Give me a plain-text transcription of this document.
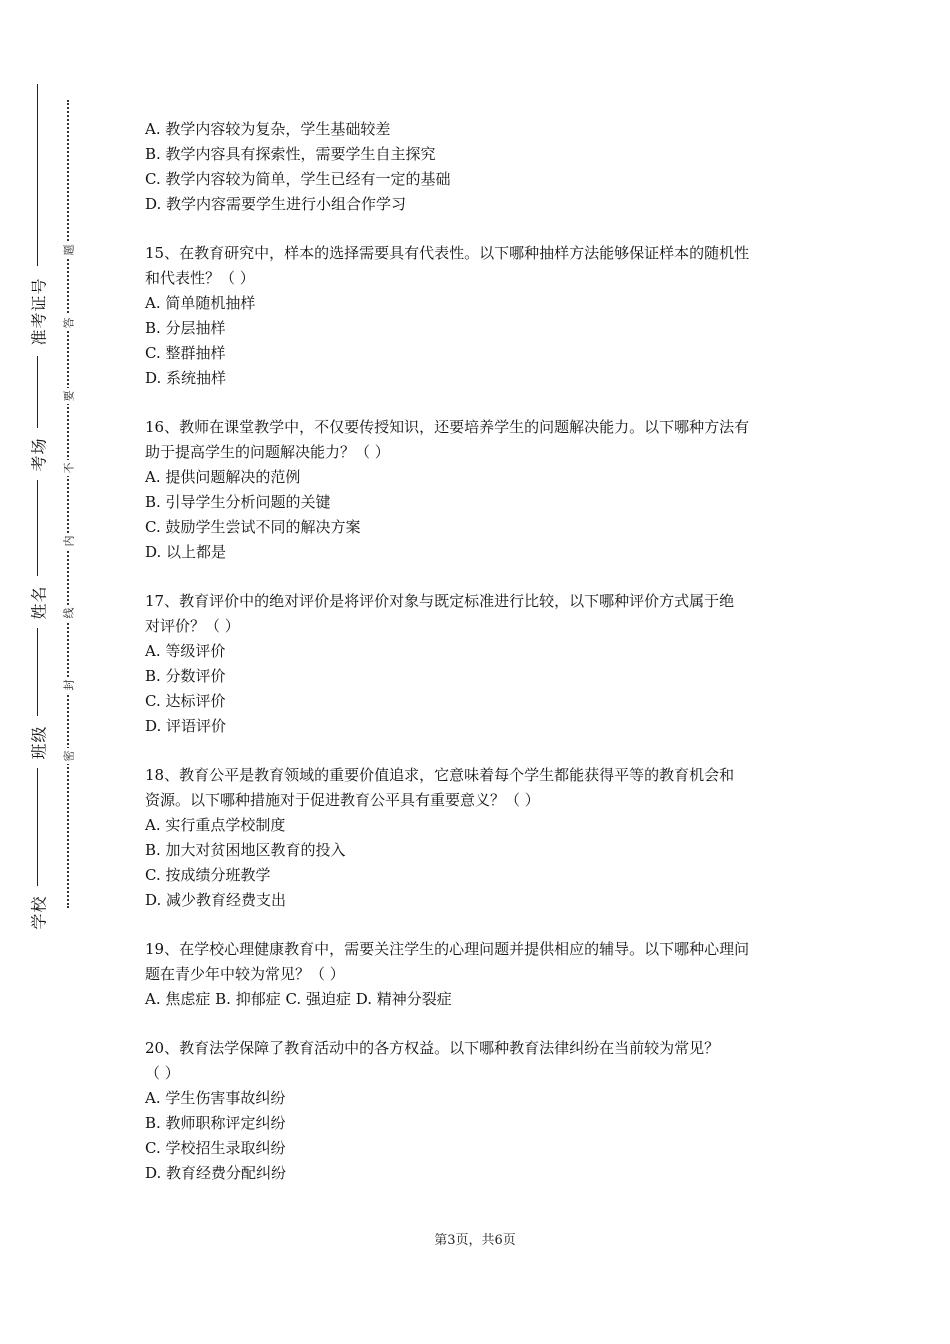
准考证号
考场
姓名
班级
学校
题
答
要
不
内
线
封
密
A. 教学内容较为复杂，学生基础较差
B. 教学内容具有探索性，需要学生自主探究
C. 教学内容较为简单，学生已经有一定的基础
D. 教学内容需要学生进行小组合作学习
15、在教育研究中，样本的选择需要具有代表性。以下哪种抽样方法能够保证样本的随机性
和代表性？（ ）
A. 简单随机抽样
B. 分层抽样
C. 整群抽样
D. 系统抽样
16、教师在课堂教学中，不仅要传授知识，还要培养学生的问题解决能力。以下哪种方法有
助于提高学生的问题解决能力？（ ）
A. 提供问题解决的范例
B. 引导学生分析问题的关键
C. 鼓励学生尝试不同的解决方案
D. 以上都是
17、教育评价中的绝对评价是将评价对象与既定标准进行比较，以下哪种评价方式属于绝
对评价？（ ）
A. 等级评价
B. 分数评价
C. 达标评价
D. 评语评价
18、教育公平是教育领域的重要价值追求，它意味着每个学生都能获得平等的教育机会和
资源。以下哪种措施对于促进教育公平具有重要意义？（ ）
A. 实行重点学校制度
B. 加大对贫困地区教育的投入
C. 按成绩分班教学
D. 减少教育经费支出
19、在学校心理健康教育中，需要关注学生的心理问题并提供相应的辅导。以下哪种心理问
题在青少年中较为常见？（ ）
A. 焦虑症 B. 抑郁症 C. 强迫症 D. 精神分裂症
20、教育法学保障了教育活动中的各方权益。以下哪种教育法律纠纷在当前较为常见？
（ ）
A. 学生伤害事故纠纷
B. 教师职称评定纠纷
C. 学校招生录取纠纷
D. 教育经费分配纠纷
第3页，共6页
